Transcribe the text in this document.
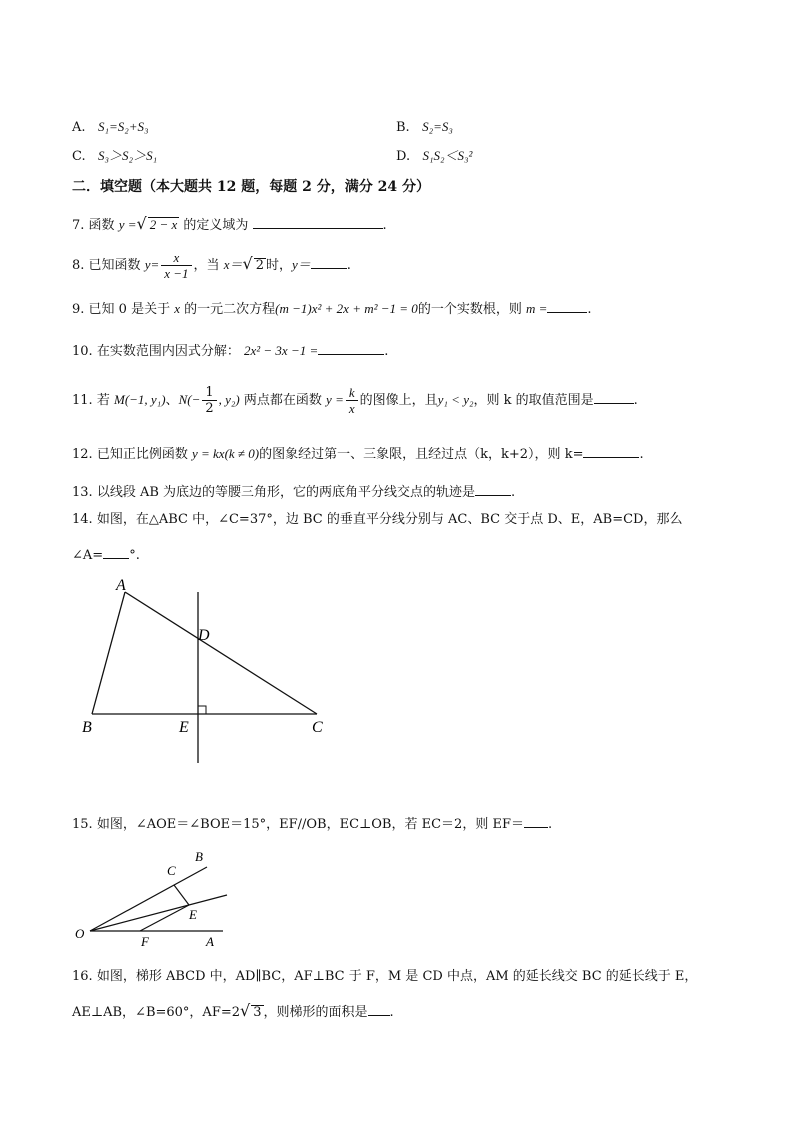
A. S₁=S₂+S₃	B. S₂=S₃
C. S₃＞S₂＞S₁	D. S₁S₂＜S₃²
二．填空题（本大题共 12 题，每题 2 分，满分 24 分）
7. 函数 y =√ 2 − x 的定义域为	.
8. 已知函数 $y= \frac{x}{x -1}$ ，当 x＝√ 2 时，y＝	.
9. 已知 0 是关于 x 的一元二次方程(m −1)x² + 2x + m² −1 = 0的一个实数根，则 m =	.
10. 在实数范围内因式分解： 2x² − 3x −1 =	.
11. 若 M(−1, y₁)、$N(- \frac{1}{2}$ , y₂) 两点都在函数 $y = \frac{k}{x}$ 的图像上，且y₁ < y₂，则 k 的取值范围是	.
12. 已知正比例函数 y = kx(k ≠ 0)的图象经过第一、三象限，且经过点（k，k+2），则 k=	.
13. 以线段 AB 为底边的等腰三角形，它的两底角平分线交点的轨迹是	.
14. 如图，在△ABC 中，∠C=37°，边 BC 的垂直平分线分别与 AC、BC 交于点 D、E，AB=CD，那么
∠A= °.
A
B	C
D
E
15. 如图，∠AOE＝∠BOE＝15°，EF//OB，EC⊥OB，若 EC＝2，则 EF＝ .
O
A
B
C
E
F
16. 如图，梯形 ABCD 中，AD∥BC，AF⊥BC 于 F，M 是 CD 中点，AM 的延长线交 BC 的延长线于 E，
AE⊥AB，∠B=60°，AF=2√ 3 ，则梯形的面积是 .
